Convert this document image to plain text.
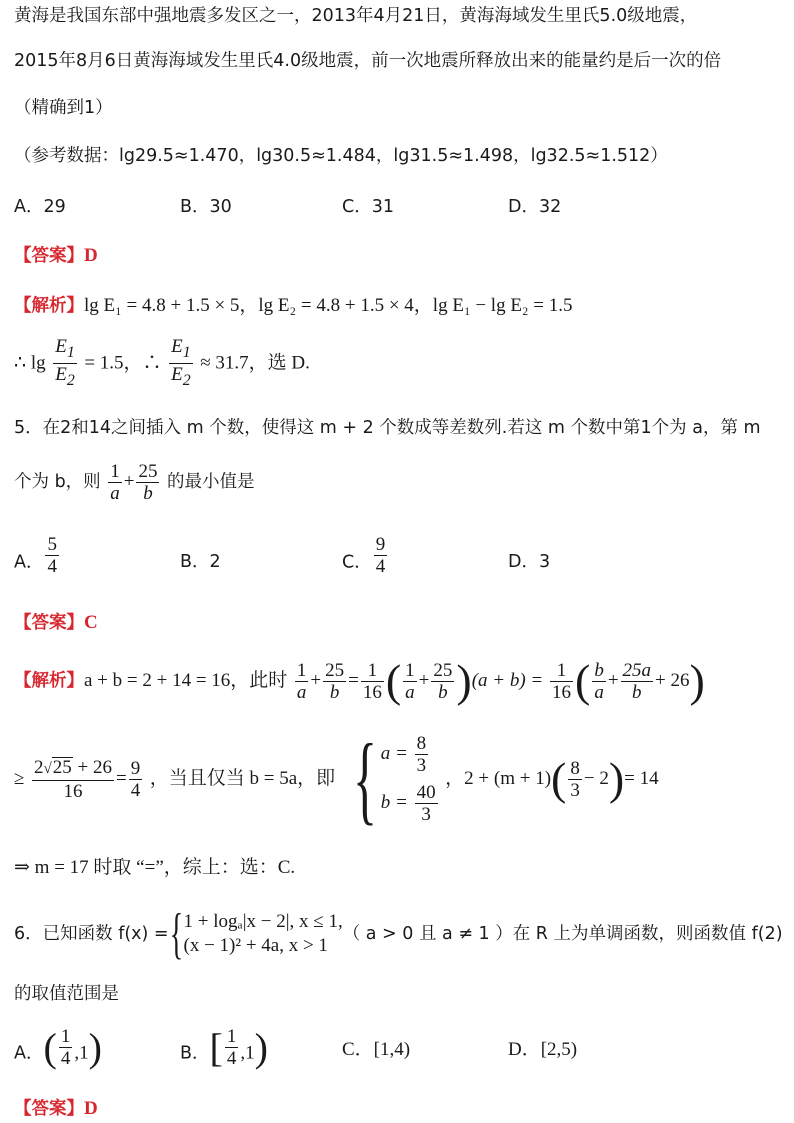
黄海是我国东部中强地震多发区之一，2013年4月21日，黄海海域发生里氏5.0级地震，
2015年8月6日黄海海域发生里氏4.0级地震，前一次地震所释放出来的能量约是后一次的倍
（精确到1）
（参考数据：lg29.5≈1.470，lg30.5≈1.484，lg31.5≈1.498，lg32.5≈1.512）
A．29	B．30	C．31	D．32
【答案】D
【解析】lg E₁ = 4.8 + 1.5 × 5，lg E₂ = 4.8 + 1.5 × 4，lg E₁ − lg E₂ = 1.5
∴ $\lg \frac{E_1}{E_2} = 1.5$，∴ $\frac{E_1}{E_2} \approx 31.7$，选 D.
5．在2和14之间插入 m 个数，使得这 m + 2 个数成等差数列.若这 m 个数中第1个为 a，第 m
个为 b，则 $\frac{1}{a} + \frac{25}{b}$ 的最小值是
A． $\frac{5}{4}$	B．2	C． $\frac{9}{4}$	D．3
【答案】C
【解析】a + b = 2 + 14 = 16，此时 $\frac{1}{a} + \frac{25}{b} = \frac{1}{16}$ ( $\frac{1}{a} + \frac{25}{b} )(a + b) = \frac{1}{16}$ ( $\frac{b}{a} + \frac{25a}{b} + 26$)
≥ $\frac{2√25 + 26}{16} = \frac{9}{4}$ ，当且仅当 b = 5a，即 { $a = \frac{8}{3}$
$b = \frac{40}{3}$
，$2 + (m + 1)( \frac{8}{3} - 2)= 14$
⇒ m = 17 时取 “=”，综上：选：C.
6．已知函数 f(x) ={ 1 + logₐ|x − 2|, x ≤ 1,
(x − 1)² + 4a, x > 1
（ a > 0 且 a ≠ 1 ）在 R 上为单调函数，则函数值 f(2)
的取值范围是
A．( $\frac{1}{4} ,1$)	B．[ $\frac{1}{4} ,1$)	C．[1,4)	D．[2,5)
【答案】D
